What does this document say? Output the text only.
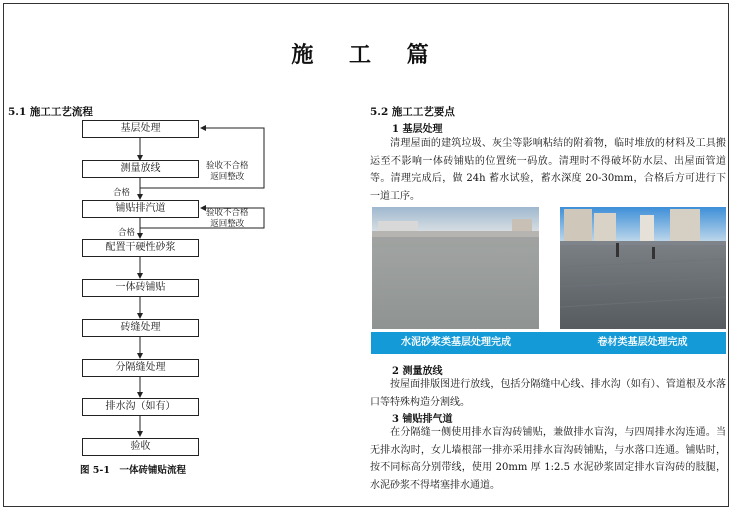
施 工 篇
5.1 施工工艺流程
基层处理
测量放线
铺贴排汽道
配置干硬性砂浆
一体砖铺贴
砖缝处理
分隔缝处理
排水沟（如有）
验收
验收不合格
返回整改
验收不合格
返回整改
合格
合格
图 5-1　一体砖铺贴流程
5.2 施工工艺要点
1 基层处理
清理屋面的建筑垃圾、灰尘等影响粘结的附着物，临时堆放的材料及工具搬运至不影响一体砖铺贴的位置统一码放。清理时不得破坏防水层、出屋面管道等。清理完成后，做 24h 蓄水试验，蓄水深度 20-30mm，合格后方可进行下一道工序。
水泥砂浆类基层处理完成	卷材类基层处理完成
2 测量放线
按屋面排版图进行放线，包括分隔缝中心线、排水沟（如有）、管道根及水落口等特殊构造分割线。
3 铺贴排气道
在分隔缝一侧使用排水盲沟砖铺贴，兼做排水盲沟，与四周排水沟连通。当无排水沟时，女儿墙根部一排亦采用排水盲沟砖铺贴，与水落口连通。铺贴时，按不同标高分别带线，使用 20mm 厚 1:2.5 水泥砂浆固定排水盲沟砖的肢腿，水泥砂浆不得堵塞排水通道。
